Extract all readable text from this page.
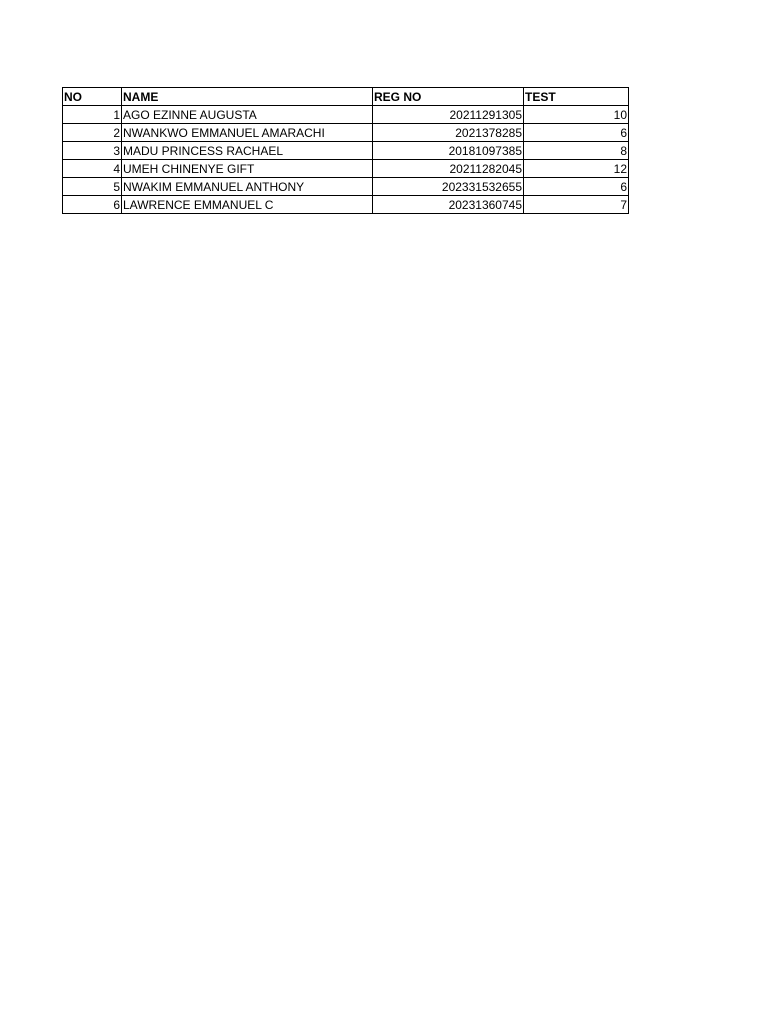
NO	NAME	REG NO	TEST
1	AGO EZINNE AUGUSTA	20211291305	10
2	NWANKWO EMMANUEL AMARACHI	2021378285	6
3	MADU PRINCESS RACHAEL	20181097385	8
4	UMEH CHINENYE GIFT	20211282045	12
5	NWAKIM EMMANUEL ANTHONY	202331532655	6
6	LAWRENCE EMMANUEL C	20231360745	7
